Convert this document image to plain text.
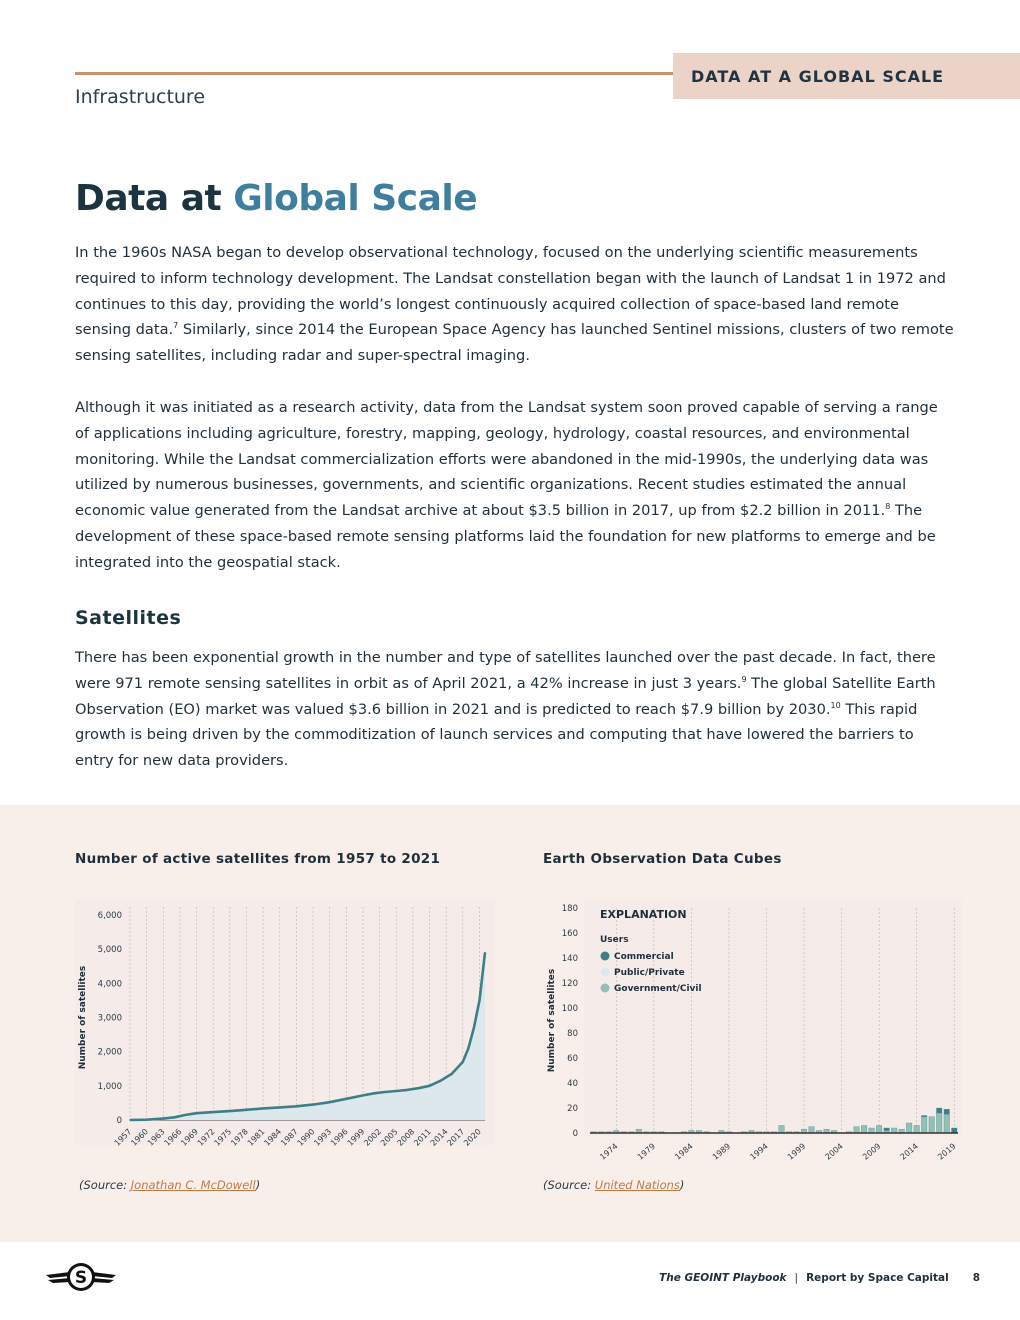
DATA AT A GLOBAL SCALE
Infrastructure
Data at Global Scale

In the 1960s NASA began to develop observational technology, focused on the underlying scientific measurements required to inform technology development. The Landsat constellation began with the launch of Landsat 1 in 1972 and continues to this day, providing the world’s longest continuously acquired collection of space-based land remote sensing data.$^7$ Similarly, since 2014 the European Space Agency has launched Sentinel missions, clusters of two remote sensing satellites, including radar and super-spectral imaging.

Although it was initiated as a research activity, data from the Landsat system soon proved capable of serving a range of applications including agriculture, forestry, mapping, geology, hydrology, coastal resources, and environmental monitoring. While the Landsat commercialization efforts were abandoned in the mid-1990s, the underlying data was utilized by numerous businesses, governments, and scientific organizations. Recent studies estimated the annual economic value generated from the Landsat archive at about $3.5 billion in 2017, up from $2.2 billion in 2011.$^8$ The development of these space-based remote sensing platforms laid the foundation for new platforms to emerge and be integrated into the geospatial stack.

Satellites

There has been exponential growth in the number and type of satellites launched over the past decade. In fact, there were 971 remote sensing satellites in orbit as of April 2021, a 42% increase in just 3 years.$^9$ The global Satellite Earth Observation (EO) market was valued $3.6 billion in 2021 and is predicted to reach $7.9 billion by 2030.10 This rapid growth is being driven by the commoditization of launch services and computing that have lowered the barriers to entry for new data providers.

Number of active satellites from 1957 to 2021	Earth Observation Data Cubes
1957
1960
1963
1966
1969
1972
1975
1978
1981
1984
1987
1990
1993
1996
1999
2002
2005
2008
2011
2014
2017
2020
0
1,000
2,000
3,000
4,000
5,000
6,000
Number of satellites
0
20
40
60
80
100
120
140
160
180
1974 1979 1984 1989 1994 1999 2004 2009 2014 2019
Number of satellites
EXPLANATION
Users
Commercial
Public/Private
Government/Civil
(Source: Jonathan C. McDowell)	(Source: United Nations)
S	The GEOINT Playbook | Report by Space Capital 8
